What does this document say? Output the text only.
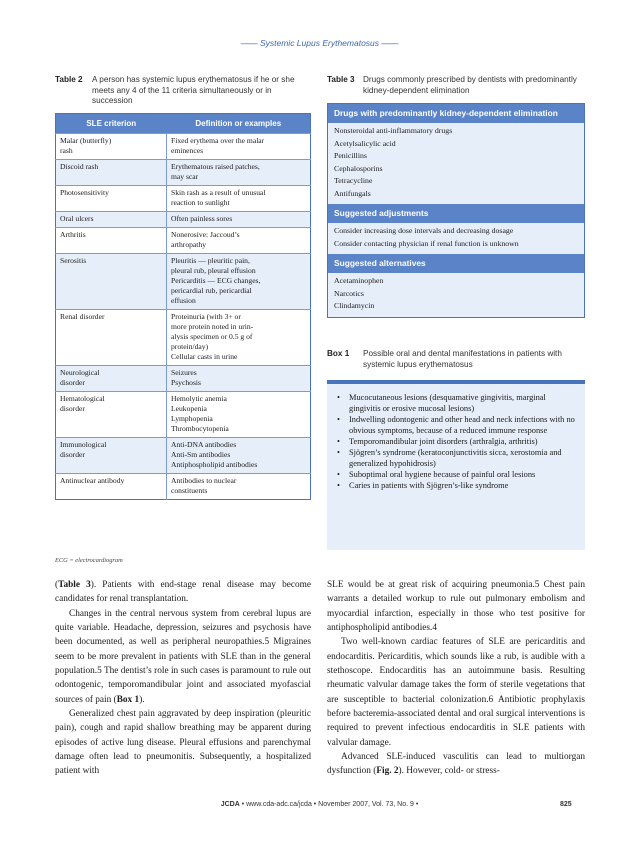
—— Systemic Lupus Erythematosus ——
Table 2	A person has systemic lupus erythematosus if he or she meets any 4 of the 11 criteria simultaneously or in succession
SLE criterion	Definition or examples

Malar (butterfly)
rash	Fixed erythema over the malar
eminences

Discoid rash	Erythematous raised patches,
may scar

Photosensitivity	Skin rash as a result of unusual
reaction to sunlight

Oral ulcers	Often painless sores

Arthritis	Nonerosive: Jaccoud’s
arthropathy

Serositis	Pleuritis — pleuritic pain,
pleural rub, pleural effusion
Pericarditis — ECG changes,
pericardial rub, pericardial
effusion

Renal disorder	Proteinuria (with 3+ or
more protein noted in urin-
alysis specimen or 0.5 g of
protein/day)
Cellular casts in urine

Neurological
disorder	Seizures
Psychosis

Hematological
disorder	Hemolytic anemia
Leukopenia
Lymphopenia
Thrombocytopenia

Immunological
disorder	Anti-DNA antibodies
Anti-Sm antibodies
Antiphospholipid antibodies

Antinuclear antibody	Antibodies to nuclear
constituents
ECG = electrocardiogram
Table 3	Drugs commonly prescribed by dentists with predominantly kidney-dependent elimination
Drugs with predominantly kidney-dependent elimination
Nonsteroidal anti-inflammatory drugs
Acetylsalicylic acid
Penicillins
Cephalosporins
Tetracycline
Antifungals
Suggested adjustments
Consider increasing dose intervals and decreasing dosage
Consider contacting physician if renal function is unknown
Suggested alternatives
Acetaminophen
Narcotics
Clindamycin
Box 1	Possible oral and dental manifestations in patients with systemic lupus erythematosus
• Mucocutaneous lesions (desquamative gingivitis, marginal gingivitis or erosive mucosal lesions)
• Indwelling odontogenic and other head and neck infections with no obvious symptoms, because of a reduced immune response
• Temporomandibular joint disorders (arthralgia, arthritis)
• Sjögren’s syndrome (keratoconjunctivitis sicca, xerostomia and generalized hypohidrosis)
• Suboptimal oral hygiene because of painful oral lesions
• Caries in patients with Sjögren’s-like syndrome

(Table 3). Patients with end-stage renal disease may become candidates for renal transplantation.

Changes in the central nervous system from cerebral lupus are quite variable. Headache, depression, seizures and psychosis have been documented, as well as peripheral neuropathies.5 Migraines seem to be more prevalent in patients with SLE than in the general population.5 The dentist’s role in such cases is paramount to rule out odontogenic, temporomandibular joint and associated myofascial sources of pain (Box 1).

Generalized chest pain aggravated by deep inspiration (pleuritic pain), cough and rapid shallow breathing may be apparent during episodes of active lung disease. Pleural effusions and parenchymal damage often lead to pneumonitis. Subsequently, a hospitalized patient with

SLE would be at great risk of acquiring pneumonia.5 Chest pain warrants a detailed workup to rule out pulmonary embolism and myocardial infarction, especially in those who test positive for antiphospholipid antibodies.4

Two well-known cardiac features of SLE are pericarditis and endocarditis. Pericarditis, which sounds like a rub, is audible with a stethoscope. Endocarditis has an autoimmune basis. Resulting rheumatic valvular damage takes the form of sterile vegetations that are susceptible to bacterial colonization.6 Antibiotic prophylaxis before bacteremia-associated dental and oral surgical interventions is required to prevent infectious endocarditis in SLE patients with valvular damage.

Advanced SLE-induced vasculitis can lead to multiorgan dysfunction (Fig. 2). However, cold- or stress-

JCDA • www.cda-adc.ca/jcda • November 2007, Vol. 73, No. 9 •	825
